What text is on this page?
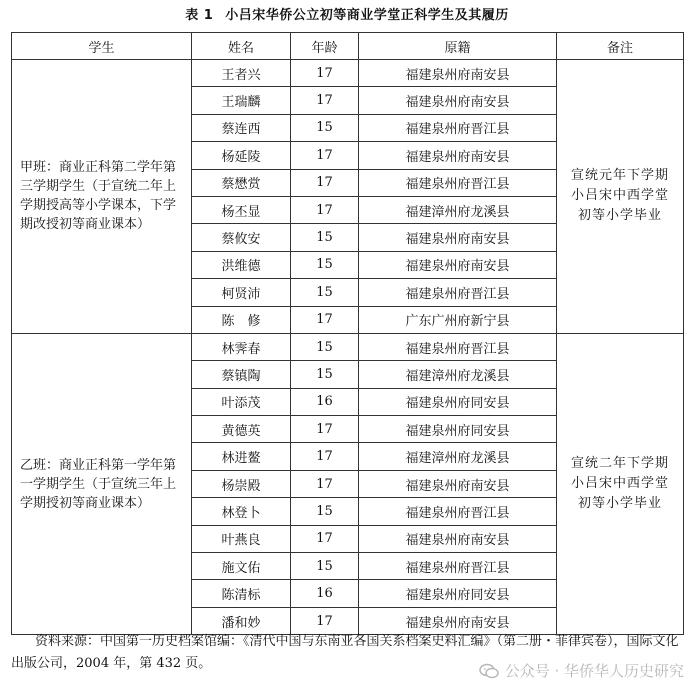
表 1 小吕宋华侨公立初等商业学堂正科学生及其履历
学生	姓名	年龄	原籍	备注
甲班：商业正科第二学年第三学期学生（于宣统二年上学期授高等小学课本，下学期改授初等商业课本）	王者兴	17	福建泉州府南安县	宣统元年下学期小吕宋中西学堂初等小学毕业
	王瑞麟	17	福建泉州府南安县	
	蔡连西	15	福建泉州府晋江县	
	杨延陵	17	福建泉州府南安县	
	蔡懋赏	17	福建泉州府晋江县	
	杨丕显	17	福建漳州府龙溪县	
	蔡攸安	15	福建泉州府南安县	
	洪维德	15	福建泉州府南安县	
	柯贤沛	15	福建泉州府晋江县	
	陈　修	17	广东广州府新宁县	
乙班：商业正科第一学年第一学期学生（于宣统三年上学期授初等商业课本）	林霁春	15	福建泉州府晋江县	宣统二年下学期小吕宋中西学堂初等小学毕业
	蔡镇陶	15	福建漳州府龙溪县	
	叶添茂	16	福建泉州府同安县	
	黄德英	17	福建泉州府同安县	
	林进鳌	17	福建漳州府龙溪县	
	杨崇殿	17	福建泉州府南安县	
	林登卜	15	福建泉州府晋江县	
	叶燕良	17	福建泉州府南安县	
	施文佑	15	福建泉州府晋江县	
	陈清标	16	福建泉州府同安县	
	潘和妙	17	福建泉州府南安县	
资料来源：中国第一历史档案馆编：《清代中国与东南亚各国关系档案史料汇编》（第二册・菲律宾卷），国际文化出版公司，2004 年，第 432 页。	公众号 · 华侨华人历史研究
